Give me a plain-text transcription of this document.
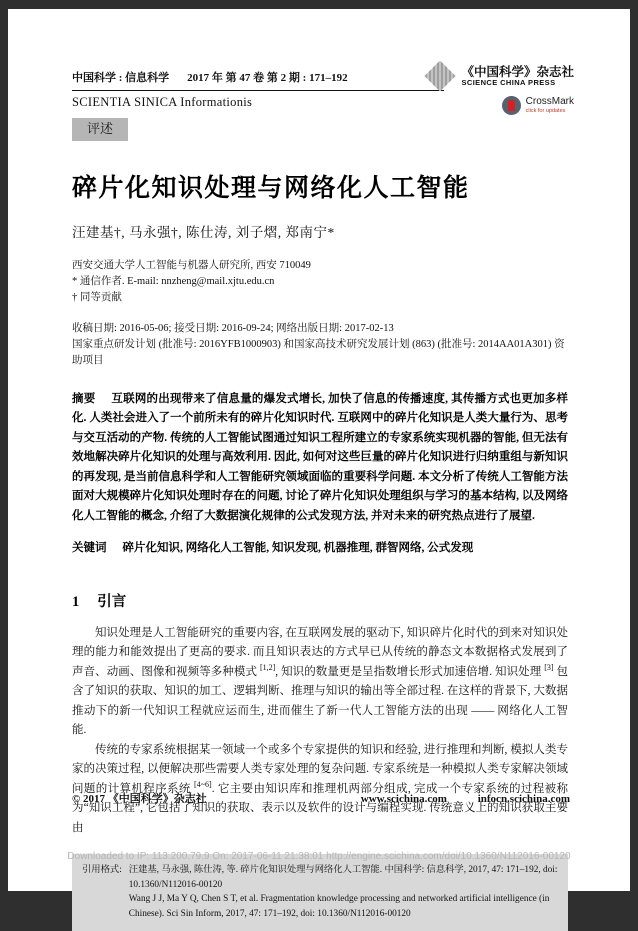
中国科学 : 信息科学 2017 年 第 47 卷 第 2 期 : 171–192
SCIENTIA SINICA Informationis
评述
《中国科学》杂志社
SCIENCE CHINA PRESS
CrossMark
click for updates
碎片化知识处理与网络化人工智能
汪建基†, 马永强†, 陈仕涛, 刘子熠, 郑南宁*
西安交通大学人工智能与机器人研究所, 西安 710049
* 通信作者. E-mail: nnzheng@mail.xjtu.edu.cn
† 同等贡献
收稿日期: 2016-05-06; 接受日期: 2016-09-24; 网络出版日期: 2017-02-13
国家重点研发计划 (批准号: 2016YFB1000903) 和国家高技术研究发展计划 (863) (批准号: 2014AA01A301) 资助项目
摘要 互联网的出现带来了信息量的爆发式增长, 加快了信息的传播速度, 其传播方式也更加多样化. 人类社会进入了一个前所未有的碎片化知识时代. 互联网中的碎片化知识是人类大量行为、思考与交互活动的产物. 传统的人工智能试图通过知识工程所建立的专家系统实现机器的智能, 但无法有效地解决碎片化知识的处理与高效利用. 因此, 如何对这些巨量的碎片化知识进行归纳重组与新知识的再发现, 是当前信息科学和人工智能研究领域面临的重要科学问题. 本文分析了传统人工智能方法面对大规模碎片化知识处理时存在的问题, 讨论了碎片化知识处理组织与学习的基本结构, 以及网络化人工智能的概念, 介绍了大数据演化规律的公式发现方法, 并对未来的研究热点进行了展望.
关键词 碎片化知识, 网络化人工智能, 知识发现, 机器推理, 群智网络, 公式发现
1 引言

知识处理是人工智能研究的重要内容, 在互联网发展的驱动下, 知识碎片化时代的到来对知识处理的能力和能效提出了更高的要求. 而且知识表达的方式早已从传统的静态文本数据格式发展到了声音、动画、图像和视频等多种模式 [1,2], 知识的数量更是呈指数增长形式加速倍增. 知识处理 [3] 包含了知识的获取、知识的加工、逻辑判断、推理与知识的输出等全部过程. 在这样的背景下, 大数据推动下的新一代知识工程就应运而生, 进而催生了新一代人工智能方法的出现 —— 网络化人工智能.

传统的专家系统根据某一领域一个或多个专家提供的知识和经验, 进行推理和判断, 模拟人类专家的决策过程, 以便解决那些需要人类专家处理的复杂问题. 专家系统是一种模拟人类专家解决领域问题的计算机程序系统 [4~6]. 它主要由知识库和推理机两部分组成, 完成一个专家系统的过程被称为“知识工程”, 它包括了知识的获取、表示以及软件的设计与编程实现. 传统意义上的知识获取主要由

引用格式: 汪建基, 马永强, 陈仕涛, 等. 碎片化知识处理与网络化人工智能. 中国科学: 信息科学, 2017, 47: 171–192, doi: 10.1360/N112016-00120
Wang J J, Ma Y Q, Chen S T, et al. Fragmentation knowledge processing and networked artificial intelligence (in Chinese). Sci Sin Inform, 2017, 47: 171–192, doi: 10.1360/N112016-00120
© 2017 《中国科学》杂志社	www.scichina.com	infocn.scichina.com
Downloaded to IP: 113.200.79.9 On: 2017-06-11 21:38:01 http://engine.scichina.com/doi/10.1360/N112016-00120
